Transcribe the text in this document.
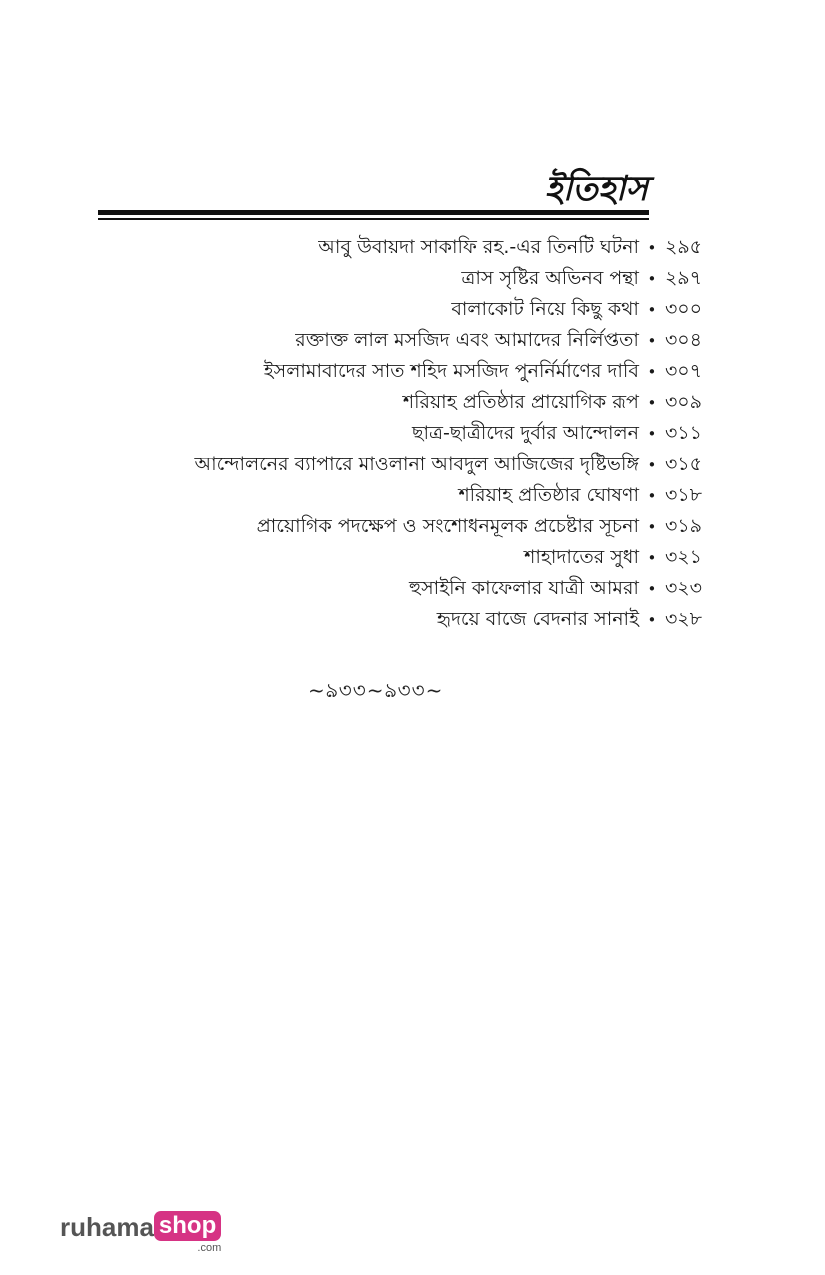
ইতিহাস
আবু উবায়দা সাকাফি রহ.-এর তিনটি ঘটনা • ২৯৫
ত্রাস সৃষ্টির অভিনব পন্থা • ২৯৭
বালাকোট নিয়ে কিছু কথা • ৩০০
রক্তাক্ত লাল মসজিদ এবং আমাদের নির্লিপ্ততা • ৩০৪
ইসলামাবাদের সাত শহিদ মসজিদ পুনর্নির্মাণের দাবি • ৩০৭
শরিয়াহ প্রতিষ্ঠার প্রায়োগিক রূপ • ৩০৯
ছাত্র-ছাত্রীদের দুর্বার আন্দোলন • ৩১১
আন্দোলনের ব্যাপারে মাওলানা আবদুল আজিজের দৃষ্টিভঙ্গি • ৩১৫
শরিয়াহ প্রতিষ্ঠার ঘোষণা • ৩১৮
প্রায়োগিক পদক্ষেপ ও সংশোধনমূলক প্রচেষ্টার সূচনা • ৩১৯
শাহাদাতের সুধা • ৩২১
হুসাইনি কাফেলার যাত্রী আমরা • ৩২৩
হৃদয়ে বাজে বেদনার সানাই • ৩২৮
~ঌ৩৩~ঌ৩৩~
ruhama shop
.com
